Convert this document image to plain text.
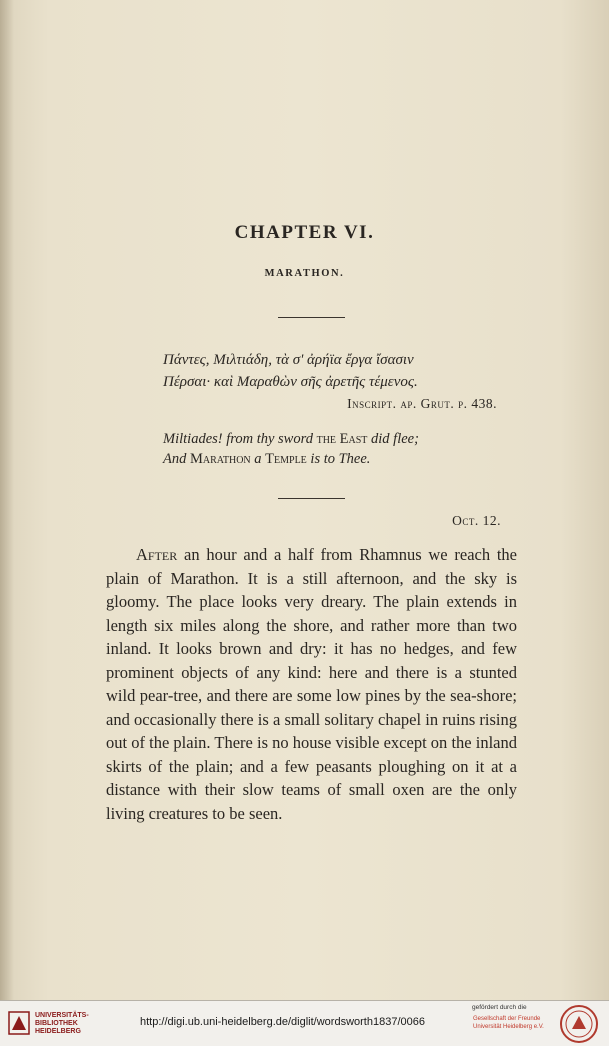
CHAPTER VI.
MARATHON.
Πάντες, Μιλτιάδη, τὰ σ' ἀρήϊα ἔργα ἴσασιν
Πέρσαι· καὶ Μαραθὼν σῆς ἀρετῆς τέμενος.
Inscript. ap. Grut. p. 438.
Miltiades! from thy sword the East did flee;
And Marathon a Temple is to Thee.
Oct. 12.
After an hour and a half from Rhamnus we reach the plain of Marathon. It is a still afternoon, and the sky is gloomy. The place looks very dreary. The plain extends in length six miles along the shore, and rather more than two inland. It looks brown and dry: it has no hedges, and few prominent objects of any kind: here and there is a stunted wild pear-tree, and there are some low pines by the sea-shore; and occasionally there is a small solitary chapel in ruins rising out of the plain. There is no house visible except on the inland skirts of the plain; and a few peasants ploughing on it at a distance with their slow teams of small oxen are the only living creatures to be seen.
UNIVERSITÄTS-
BIBLIOTHEK
HEIDELBERG
http://digi.ub.uni-heidelberg.de/diglit/wordsworth1837/0066
gefördert durch die
Gesellschaft der Freunde
Universität Heidelberg e.V.
